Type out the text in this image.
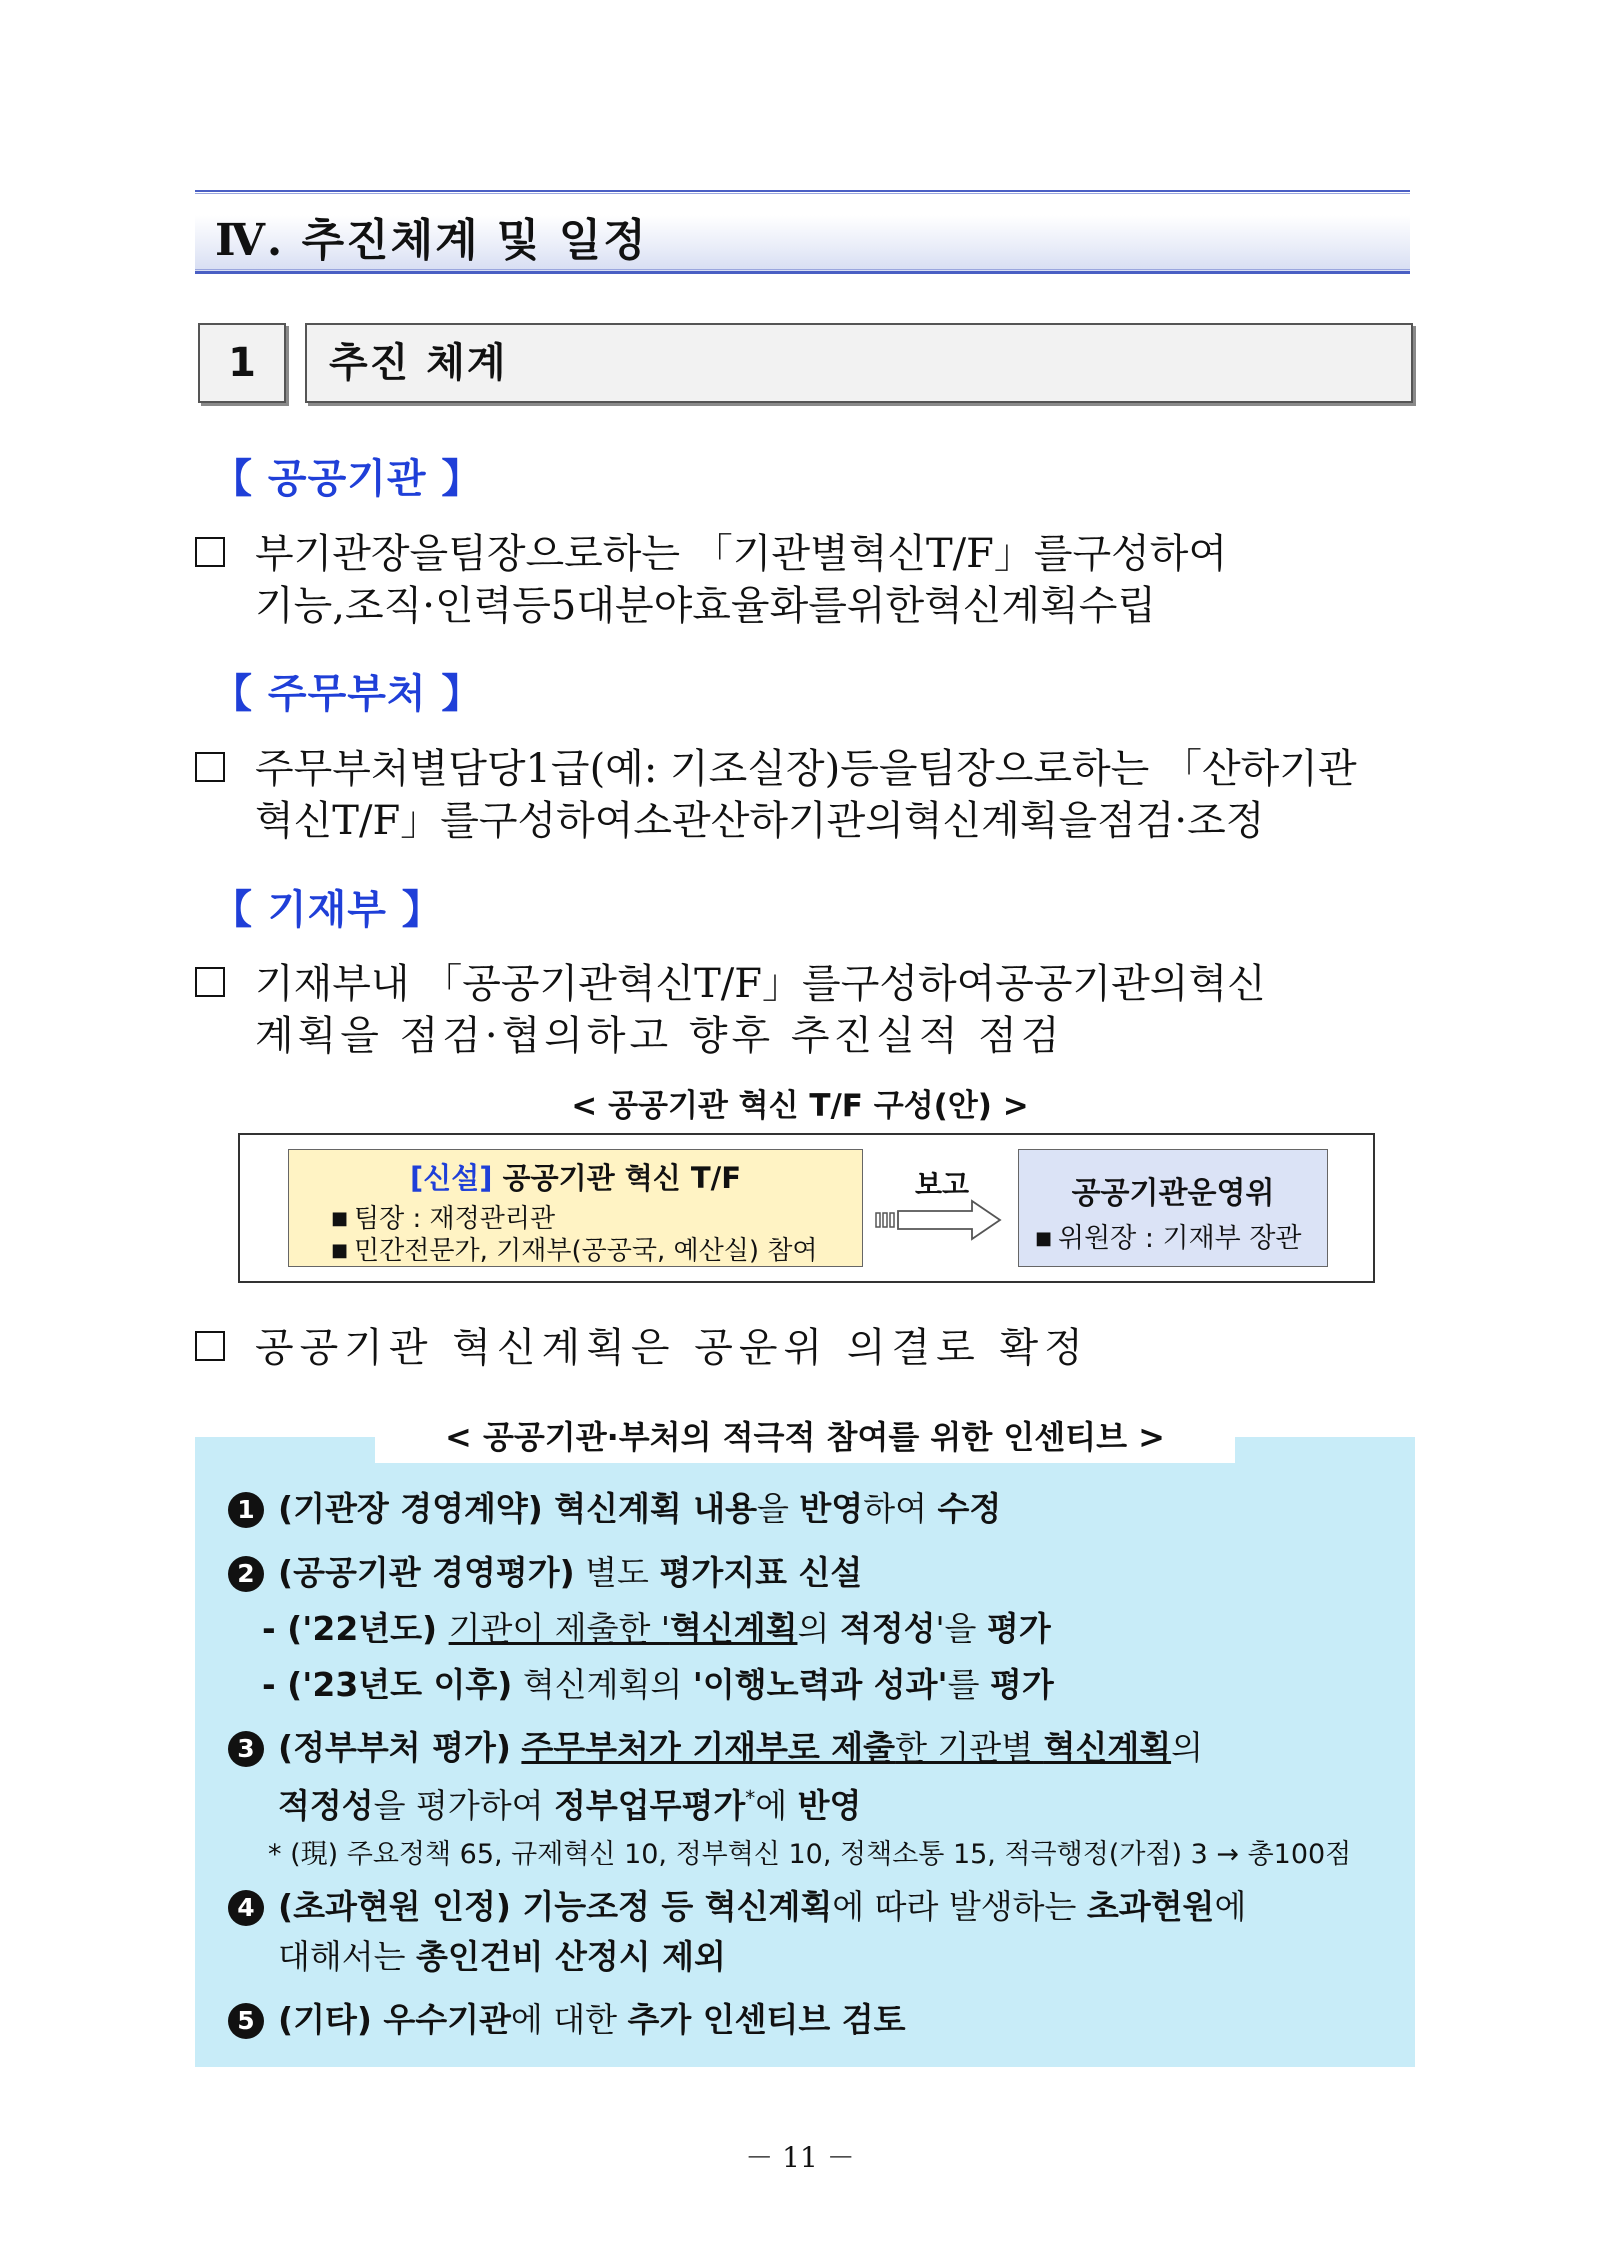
Ⅳ. 추진체계 및 일정
1	추진 체계
【 공공기관 】
부기관장을팀장으로하는 「기관별혁신T/F」를구성하여
기능,조직·인력등5대분야효율화를위한혁신계획수립
【 주무부처 】
주무부처별담당1급(예: 기조실장)등을팀장으로하는 「산하기관
혁신T/F」를구성하여소관산하기관의혁신계획을점검·조정
【 기재부 】
기재부내 「공공기관혁신T/F」를구성하여공공기관의혁신
계획을 점검·협의하고 향후 추진실적 점검
< 공공기관 혁신 T/F 구성(안) >
[신설] 공공기관 혁신 T/F
■ 팀장 : 재정관리관
■ 민간전문가, 기재부(공공국, 예산실) 참여
보고	공공기관운영위
■ 위원장 : 기재부 장관
공공기관 혁신계획은 공운위 의결로 확정
< 공공기관·부처의 적극적 참여를 위한 인센티브 >
1 (기관장 경영계약) 혁신계획 내용을 반영하여 수정
2 (공공기관 경영평가) 별도 평가지표 신설
- ('22년도) 기관이 제출한 '혁신계획의 적정성'을 평가
- ('23년도 이후) 혁신계획의 '이행노력과 성과'를 평가
3 (정부부처 평가) 주무부처가 기재부로 제출한 기관별 혁신계획의
적정성을 평가하여 정부업무평가*에 반영
* (現) 주요정책 65, 규제혁신 10, 정부혁신 10, 정책소통 15, 적극행정(가점) 3 → 총100점
4 (초과현원 인정) 기능조정 등 혁신계획에 따라 발생하는 초과현원에
대해서는 총인건비 산정시 제외
5 (기타) 우수기관에 대한 추가 인센티브 검토
－ 11 －
